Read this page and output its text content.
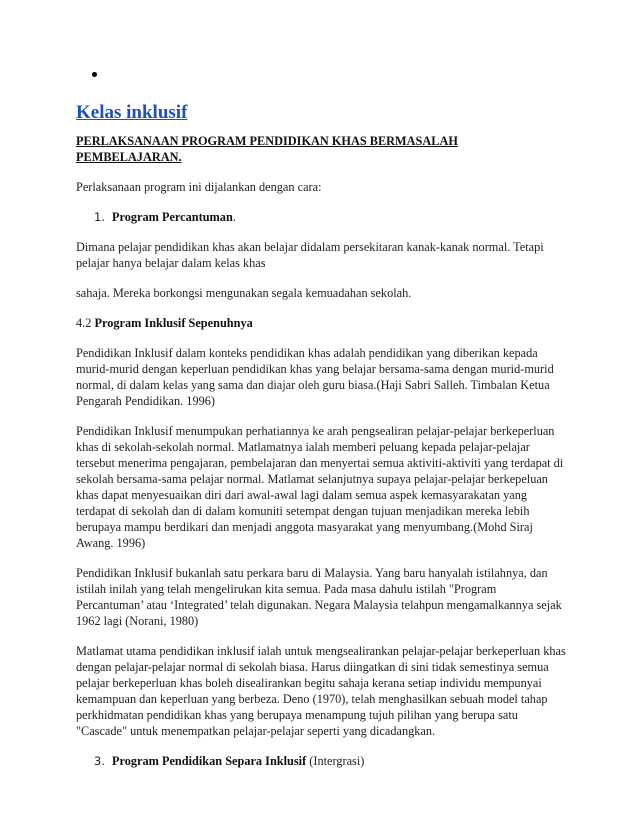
Kelas inklusif
PERLAKSANAAN PROGRAM PENDIDIKAN KHAS BERMASALAH
PEMBELAJARAN.

Perlaksanaan program ini dijalankan dengan cara:

1. Program Percantuman.

Dimana pelajar pendidikan khas akan belajar didalam persekitaran kanak-kanak normal. Tetapi pelajar hanya belajar dalam kelas khas

sahaja. Mereka borkongsi mengunakan segala kemuadahan sekolah.

4.2 Program Inklusif Sepenuhnya

Pendidikan Inklusif dalam konteks pendidikan khas adalah pendidikan yang diberikan kepada murid-murid dengan keperluan pendidikan khas yang belajar bersama-sama dengan murid-murid normal, di dalam kelas yang sama dan diajar oleh guru biasa.(Haji Sabri Salleh. Timbalan Ketua Pengarah Pendidikan. 1996)

Pendidikan Inklusif menumpukan perhatiannya ke arah pengsealiran pelajar-pelajar berkeperluan khas di sekolah-sekolah normal. Matlamatnya ialah memberi peluang kepada pelajar-pelajar tersebut menerima pengajaran, pembelajaran dan menyertai semua aktiviti-aktiviti yang terdapat di sekolah bersama-sama pelajar normal. Matlamat selanjutnya supaya pelajar-pelajar berkepeluan khas dapat menyesuaikan diri dari awal-awal lagi dalam semua aspek kemasyarakatan yang terdapat di sekolah dan di dalam komuniti setempat dengan tujuan menjadikan mereka lebih berupaya mampu berdikari dan menjadi anggota masyarakat yang menyumbang.(Mohd Siraj Awang. 1996)

Pendidikan Inklusif bukanlah satu perkara baru di Malaysia. Yang baru hanyalah istilahnya, dan istilah inilah yang telah mengelirukan kita semua. Pada masa dahulu istilah "Program Percantuman’ atau ‘Integrated’ telah digunakan. Negara Malaysia telahpun mengamalkannya sejak 1962 lagi (Norani, 1980)

Matlamat utama pendidikan inklusif ialah untuk mengsealirankan pelajar-pelajar berkeperluan khas dengan pelajar-pelajar normal di sekolah biasa. Harus diingatkan di sini tidak semestinya semua pelajar berkeperluan khas boleh disealirankan begitu sahaja kerana setiap individu mempunyai kemampuan dan keperluan yang berbeza. Deno (1970), telah menghasilkan sebuah model tahap perkhidmatan pendidikan khas yang berupaya menampung tujuh pilihan yang berupa satu "Cascade" untuk menempatkan pelajar-pelajar seperti yang dicadangkan.

3. Program Pendidikan Separa Inklusif (Intergrasi)
